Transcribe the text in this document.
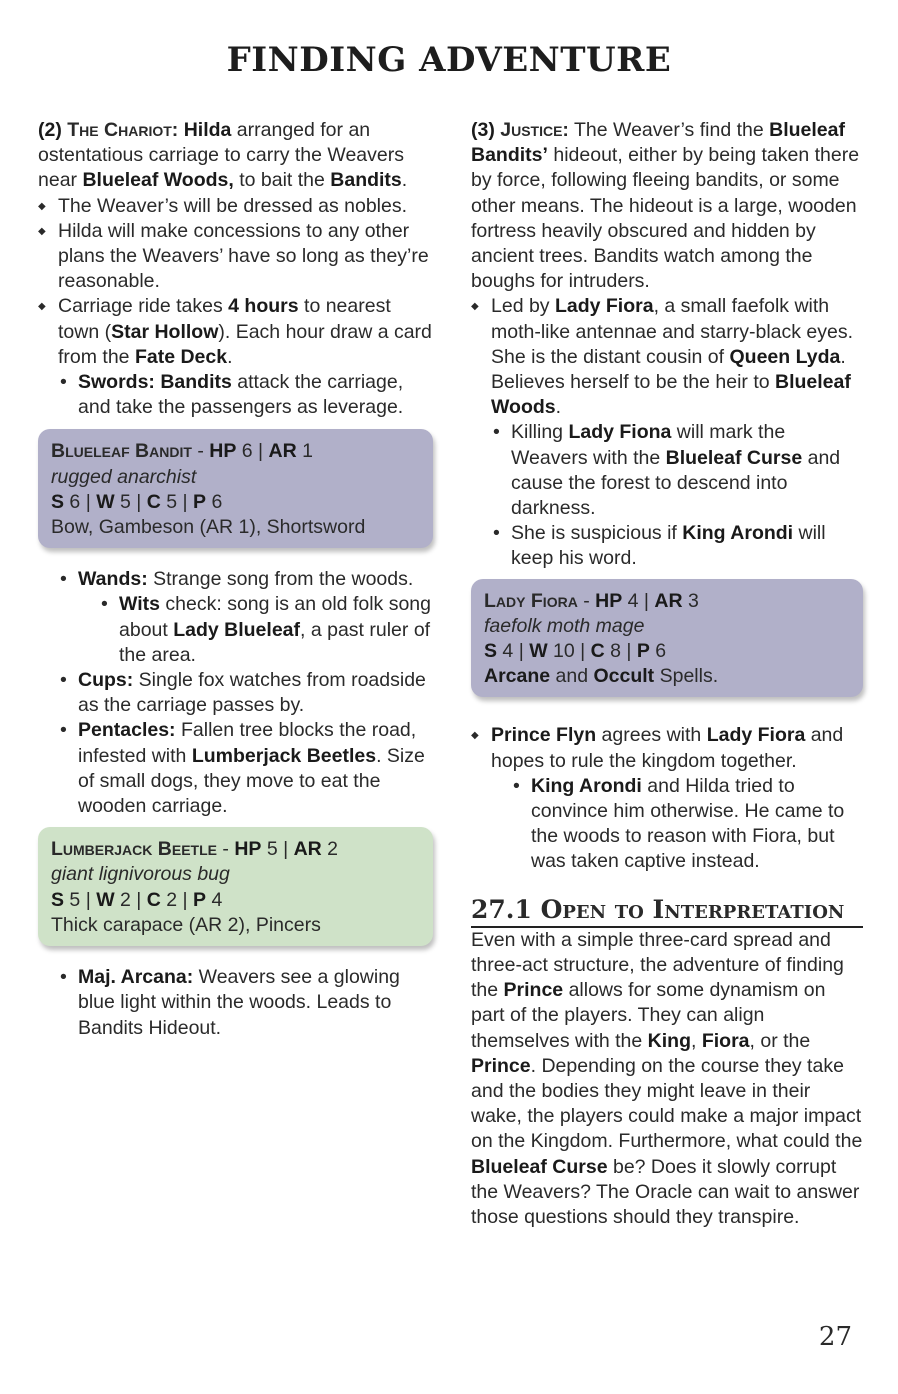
FINDING ADVENTURE

(2) The Chariot: Hilda arranged for an ostentatious carriage to carry the Weavers near Blueleaf Woods, to bait the Bandits.

◆ The Weaver’s will be dressed as nobles.
◆ Hilda will make concessions to any other plans the Weavers’ have so long as they’re reasonable.
◆ Carriage ride takes 4 hours to nearest town (Star Hollow). Each hour draw a card from the Fate Deck.
• Swords: Bandits attack the carriage, and take the passengers as leverage.
Blueleaf Bandit - HP 6 | AR 1
rugged anarchist
S 6 | W 5 | C 5 | P 6
Bow, Gambeson (AR 1), Shortsword
• Wands: Strange song from the woods.
• Wits check: song is an old folk song about Lady Blueleaf, a past ruler of the area.
• Cups: Single fox watches from roadside as the carriage passes by.
• Pentacles: Fallen tree blocks the road, infested with Lumberjack Beetles. Size of small dogs, they move to eat the wooden carriage.
Lumberjack Beetle - HP 5 | AR 2
giant lignivorous bug
S 5 | W 2 | C 2 | P 4
Thick carapace (AR 2), Pincers
• Maj. Arcana: Weavers see a glowing blue light within the woods. Leads to Bandits Hideout.

(3) Justice: The Weaver’s find the Blueleaf Bandits’ hideout, either by being taken there by force, following fleeing bandits, or some other means. The hideout is a large, wooden fortress heavily obscured and hidden by ancient trees. Bandits watch among the boughs for intruders.

◆ Led by Lady Fiora, a small faefolk with moth-like antennae and starry-black eyes. She is the distant cousin of Queen Lyda. Believes herself to be the heir to Blueleaf Woods.
• Killing Lady Fiona will mark the Weavers with the Blueleaf Curse and cause the forest to descend into darkness.
• She is suspicious if King Arondi will keep his word.
Lady Fiora - HP 4 | AR 3
faefolk moth mage
S 4 | W 10 | C 8 | P 6
Arcane and Occult Spells.
◆ Prince Flyn agrees with Lady Fiora and hopes to rule the kingdom together.
• King Arondi and Hilda tried to convince him otherwise. He came to the woods to reason with Fiora, but was taken captive instead.
27.1 Open to Interpretation

Even with a simple three-card spread and three-act structure, the adventure of finding the Prince allows for some dynamism on part of the players. They can align themselves with the King, Fiora, or the Prince. Depending on the course they take and the bodies they might leave in their wake, the players could make a major impact on the Kingdom. Furthermore, what could the Blueleaf Curse be? Does it slowly corrupt the Weavers? The Oracle can wait to answer those questions should they transpire.

27
